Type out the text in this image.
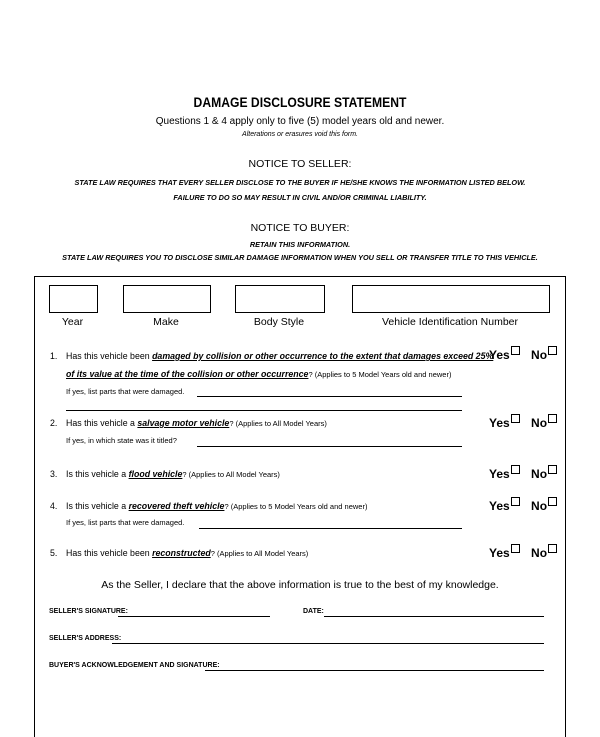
DAMAGE DISCLOSURE STATEMENT
Questions 1 & 4 apply only to five (5) model years old and newer.
Alterations or erasures void this form.
NOTICE TO SELLER:
STATE LAW REQUIRES THAT EVERY SELLER DISCLOSE TO THE BUYER IF HE/SHE KNOWS THE INFORMATION LISTED BELOW.
FAILURE TO DO SO MAY RESULT IN CIVIL AND/OR CRIMINAL LIABILITY.
NOTICE TO BUYER:
RETAIN THIS INFORMATION.
STATE LAW REQUIRES YOU TO DISCLOSE SIMILAR DAMAGE INFORMATION WHEN YOU SELL OR TRANSFER TITLE TO THIS VEHICLE.
Year	Make	Body Style	Vehicle Identification Number
1. Has this vehicle been damaged by collision or other occurrence to the extent that damages exceed 25%
of its value at the time of the collision or other occurrence? (Applies to 5 Model Years old and newer)
If yes, list parts that were damaged.
Yes No
2. Has this vehicle a salvage motor vehicle? (Applies to All Model Years)
If yes, in which state was it titled?
Yes No
3. Is this vehicle a flood vehicle? (Applies to All Model Years)	Yes No
4. Is this vehicle a recovered theft vehicle? (Applies to 5 Model Years old and newer)
If yes, list parts that were damaged.
Yes No
5. Has this vehicle been reconstructed? (Applies to All Model Years)	Yes No
As the Seller, I declare that the above information is true to the best of my knowledge.
SELLER'S SIGNATURE:	DATE:
SELLER'S ADDRESS:
BUYER'S ACKNOWLEDGEMENT AND SIGNATURE:
